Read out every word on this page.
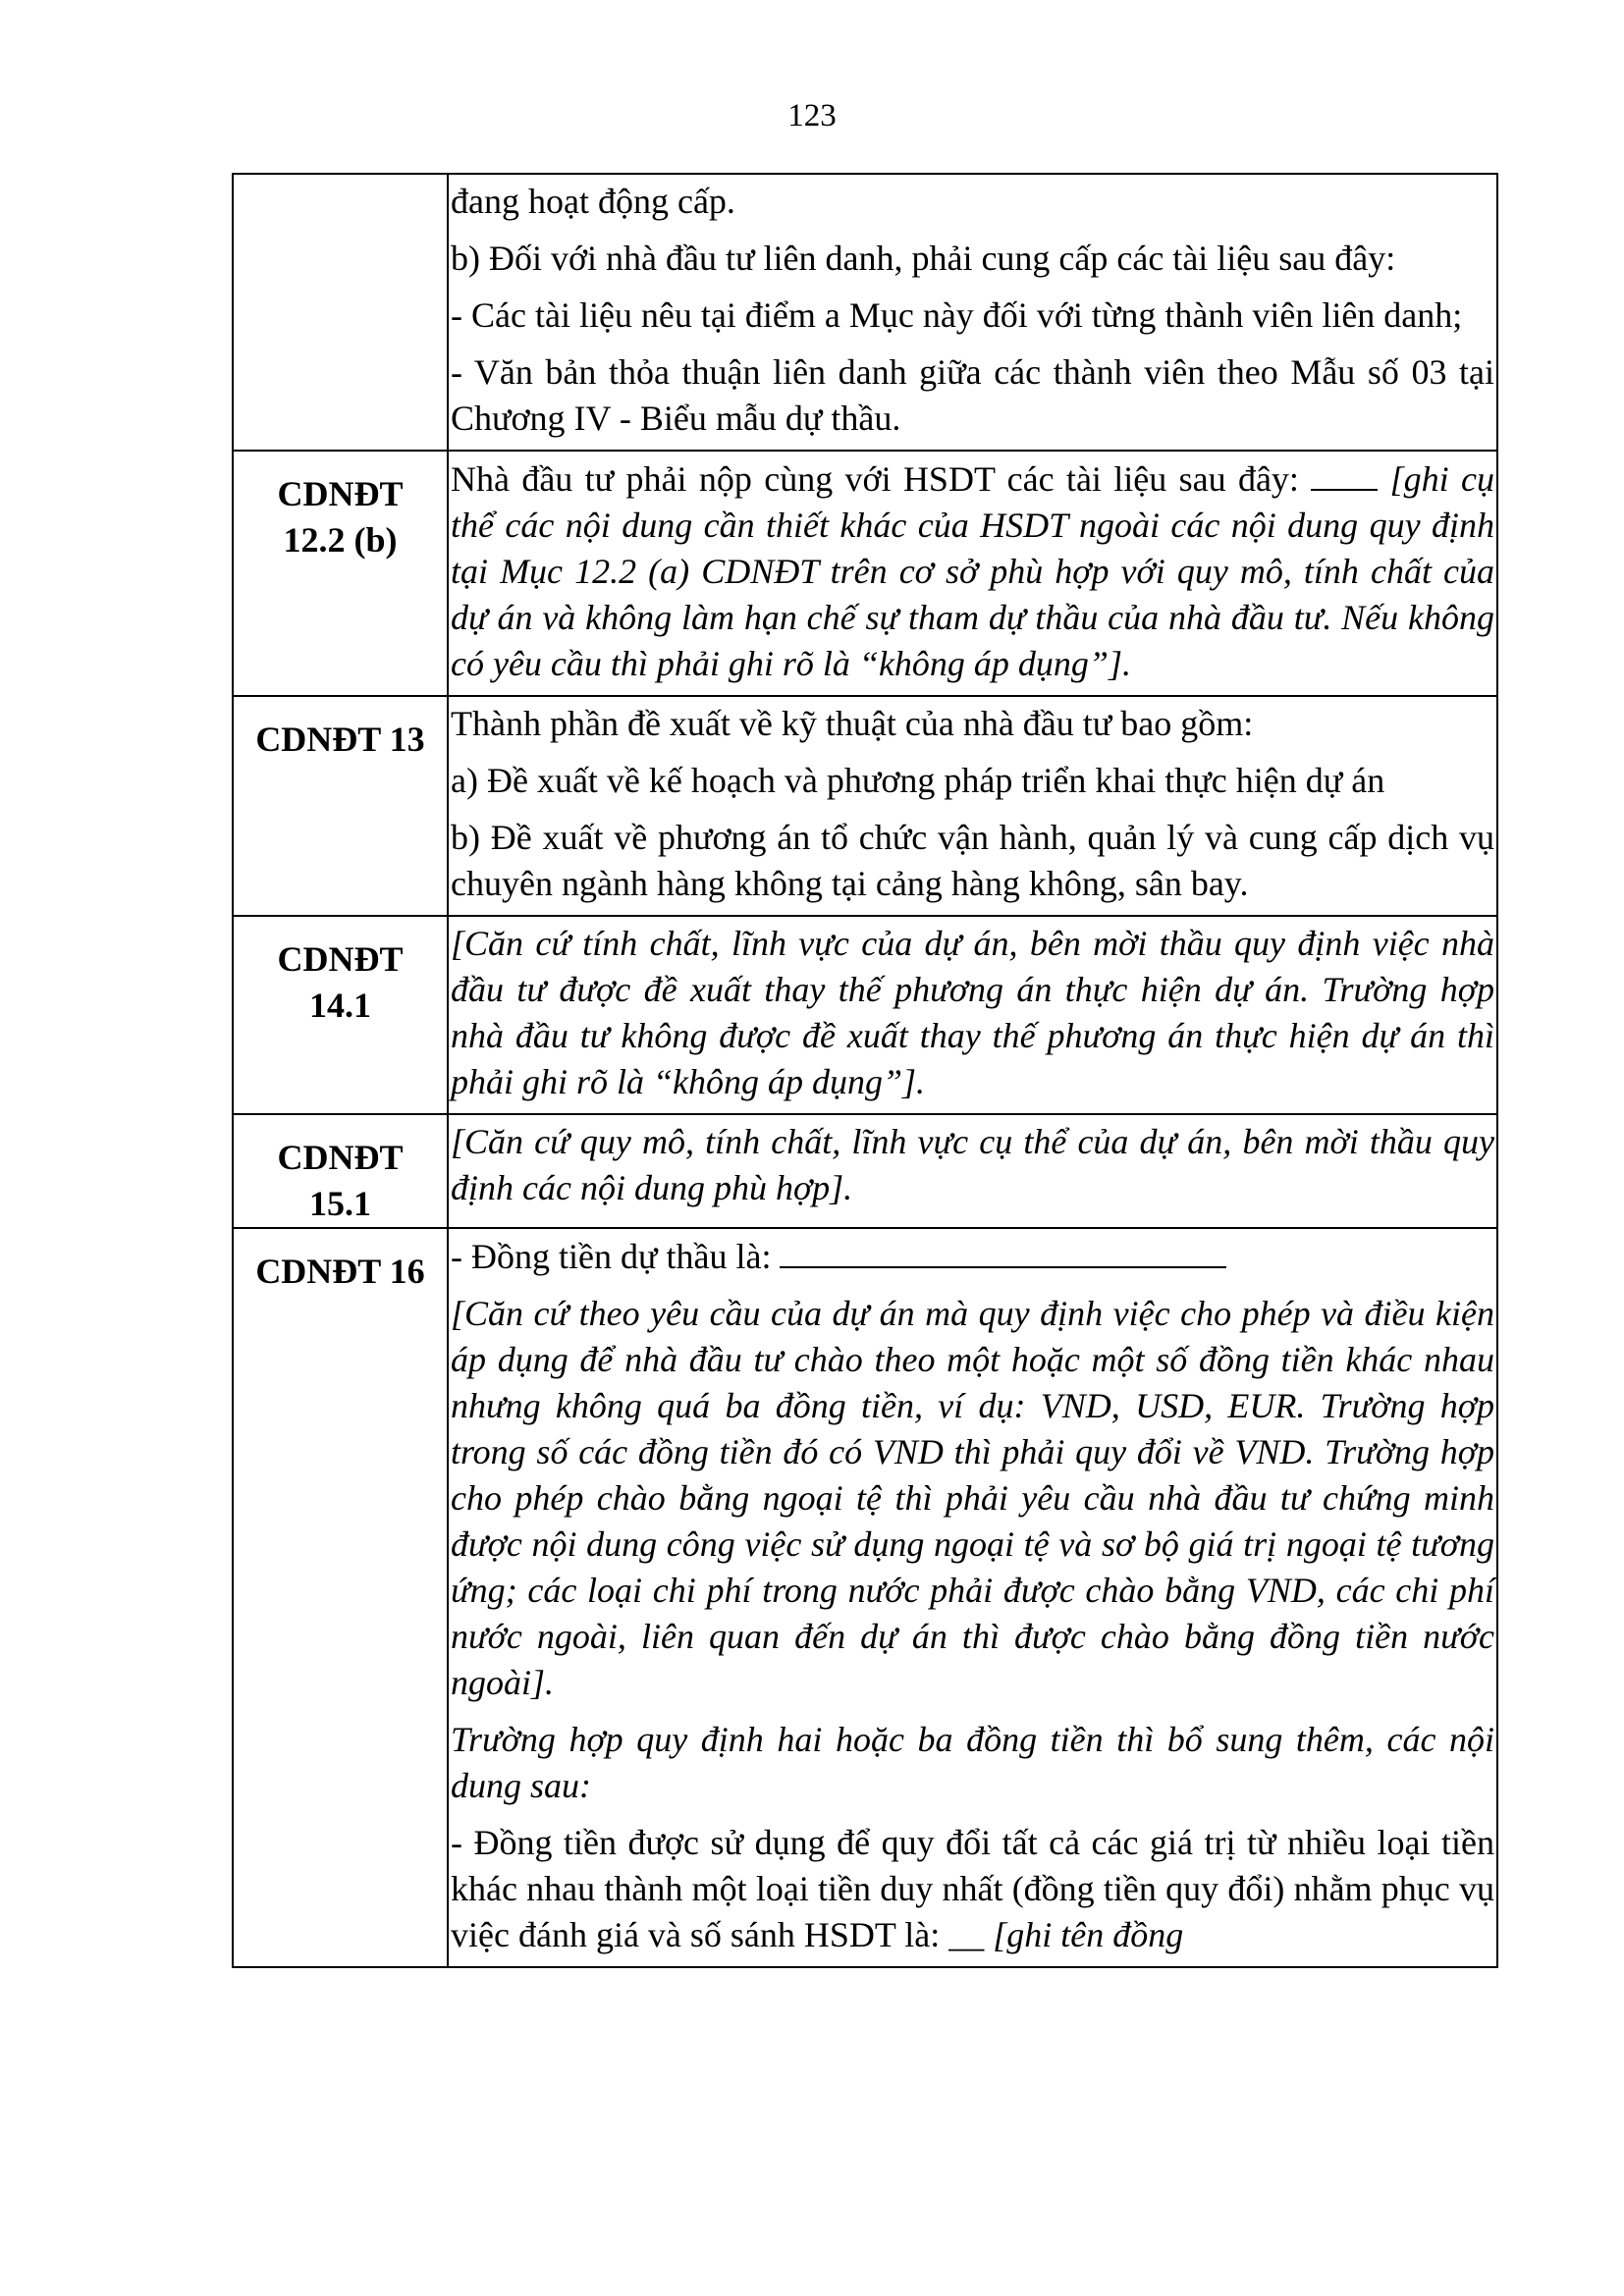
123

	đang hoạt động cấp.

b) Đối với nhà đầu tư liên danh, phải cung cấp các tài liệu sau đây:

- Các tài liệu nêu tại điểm a Mục này đối với từng thành viên liên danh;

- Văn bản thỏa thuận liên danh giữa các thành viên theo Mẫu số 03 tại Chương IV - Biểu mẫu dự thầu.

CDNĐT
12.2 (b)	Nhà đầu tư phải nộp cùng với HSDT các tài liệu sau đây: [ghi cụ thể các nội dung cần thiết khác của HSDT ngoài các nội dung quy định tại Mục 12.2 (a) CDNĐT trên cơ sở phù hợp với quy mô, tính chất của dự án và không làm hạn chế sự tham dự thầu của nhà đầu tư. Nếu không có yêu cầu thì phải ghi rõ là “không áp dụng”].

CDNĐT 13	Thành phần đề xuất về kỹ thuật của nhà đầu tư bao gồm:

a) Đề xuất về kế hoạch và phương pháp triển khai thực hiện dự án

b) Đề xuất về phương án tổ chức vận hành, quản lý và cung cấp dịch vụ chuyên ngành hàng không tại cảng hàng không, sân bay.

CDNĐT
14.1	[Căn cứ tính chất, lĩnh vực của dự án, bên mời thầu quy định việc nhà đầu tư được đề xuất thay thế phương án thực hiện dự án. Trường hợp nhà đầu tư không được đề xuất thay thế phương án thực hiện dự án thì phải ghi rõ là “không áp dụng”].

CDNĐT
15.1	[Căn cứ quy mô, tính chất, lĩnh vực cụ thể của dự án, bên mời thầu quy định các nội dung phù hợp].

CDNĐT 16	- Đồng tiền dự thầu là:

[Căn cứ theo yêu cầu của dự án mà quy định việc cho phép và điều kiện áp dụng để nhà đầu tư chào theo một hoặc một số đồng tiền khác nhau nhưng không quá ba đồng tiền, ví dụ: VND, USD, EUR. Trường hợp trong số các đồng tiền đó có VND thì phải quy đổi về VND. Trường hợp cho phép chào bằng ngoại tệ thì phải yêu cầu nhà đầu tư chứng minh được nội dung công việc sử dụng ngoại tệ và sơ bộ giá trị ngoại tệ tương ứng; các loại chi phí trong nước phải được chào bằng VND, các chi phí nước ngoài, liên quan đến dự án thì được chào bằng đồng tiền nước ngoài].

Trường hợp quy định hai hoặc ba đồng tiền thì bổ sung thêm, các nội dung sau:

- Đồng tiền được sử dụng để quy đổi tất cả các giá trị từ nhiều loại tiền khác nhau thành một loại tiền duy nhất (đồng tiền quy đổi) nhằm phục vụ việc đánh giá và số sánh HSDT là: __ [ghi tên đồng
